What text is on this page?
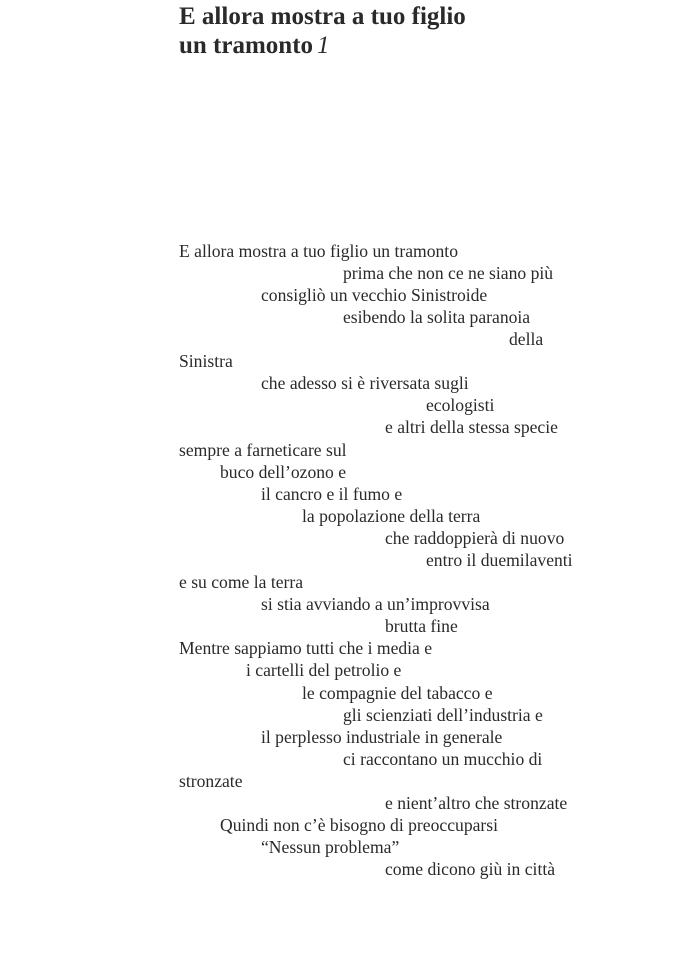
E allora mostra a tuo figlio
un tramonto 1
E allora mostra a tuo figlio un tramonto
prima che non ce ne siano più
consigliò un vecchio Sinistroide
esibendo la solita paranoia
della
Sinistra
che adesso si è riversata sugli
ecologisti
e altri della stessa specie
sempre a farneticare sul
buco dell’ozono e
il cancro e il fumo e
la popolazione della terra
che raddoppierà di nuovo
entro il duemilaventi
e su come la terra
si stia avviando a un’improvvisa
brutta fine
Mentre sappiamo tutti che i media e
i cartelli del petrolio e
le compagnie del tabacco e
gli scienziati dell’industria e
il perplesso industriale in generale
ci raccontano un mucchio di
stronzate
e nient’altro che stronzate
Quindi non c’è bisogno di preoccuparsi
“Nessun problema”
come dicono giù in città
